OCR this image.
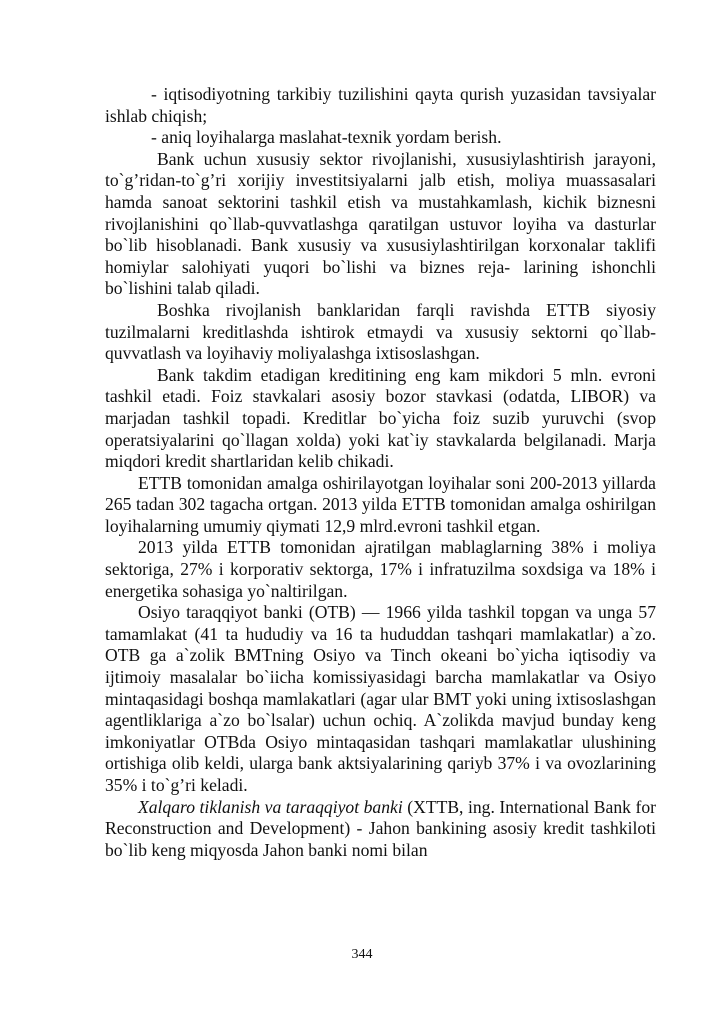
- iqtisodiyotning tarkibiy tuzilishini qayta qurish yuzasidan tavsiyalar ishlab chiqish;

- aniq loyihalarga maslahat-texnik yordam berish.

Bank uchun xususiy sektor rivojlanishi, xususiylashtirish jarayoni, to`g’ridan-to`g’ri xorijiy investitsiyalarni jalb etish, moliya muassasalari hamda sanoat sektorini tashkil etish va mustahkamlash, kichik biznesni rivojlanishini qo`llab-quvvatlashga qaratilgan ustuvor loyiha va dasturlar bo`lib hisoblanadi. Bank xususiy va xususiylashtirilgan korxonalar taklifi homiylar salohiyati yuqori bo`lishi va biznes reja- larining ishonchli bo`lishini talab qiladi.

Boshka rivojlanish banklaridan farqli ravishda ETTB siyosiy tuzilmalarni kreditlashda ishtirok etmaydi va xususiy sektorni qo`llab-quvvatlash va loyihaviy moliyalashga ixtisoslashgan.

Bank takdim etadigan kreditining eng kam mikdori 5 mln. evroni tashkil etadi. Foiz stavkalari asosiy bozor stavkasi (odatda, LIBOR) va marjadan tashkil topadi. Kreditlar bo`yicha foiz suzib yuruvchi (svop operatsiyalarini qo`llagan xolda) yoki kat`iy stavkalarda belgilanadi. Marja miqdori kredit shartlaridan kelib chikadi.

ETTB tomonidan amalga oshirilayotgan loyihalar soni 200-2013 yillarda 265 tadan 302 tagacha ortgan. 2013 yilda ETTB tomonidan amalga oshirilgan loyihalarning umumiy qiymati 12,9 mlrd.evroni tashkil etgan.

2013 yilda ETTB tomonidan ajratilgan mablaglarning 38% i moliya sektoriga, 27% i korporativ sektorga, 17% i infratuzilma soxdsiga va 18% i energetika sohasiga yo`naltirilgan.

Osiyo taraqqiyot banki (OTB) — 1966 yilda tashkil topgan va unga 57 tamamlakat (41 ta hududiy va 16 ta hududdan tashqari mamlakatlar) a`zo. OTB ga a`zolik BMTning Osiyo va Tinch okeani bo`yicha iqtisodiy va ijtimoiy masalalar bo`iicha komissiyasidagi barcha mamlakatlar va Osiyo mintaqasidagi boshqa mamlakatlari (agar ular BMT yoki uning ixtisoslashgan agentliklariga a`zo bo`lsalar) uchun ochiq. A`zolikda mavjud bunday keng imkoniyatlar OTBda Osiyo mintaqasidan tashqari mamlakatlar ulushining ortishiga olib keldi, ularga bank aktsiyalarining qariyb 37% i va ovozlarining 35% i to`g’ri keladi.

Xalqaro tiklanish va taraqqiyot banki (XTTB, ing. International Bank for Reconstruction and Development) - Jahon bankining asosiy kredit tashkiloti bo`lib keng miqyosda Jahon banki nomi bilan

344
